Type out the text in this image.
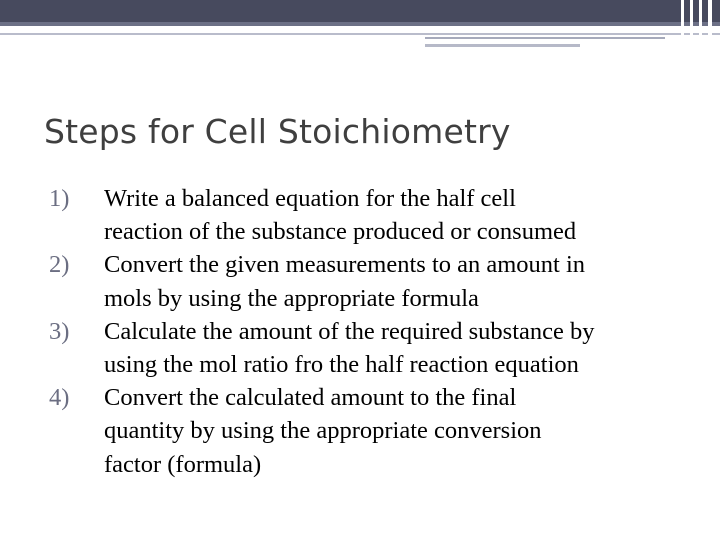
Steps for Cell Stoichiometry
1) Write a balanced equation for the half cell
reaction of the substance produced or consumed
2) Convert the given measurements to an amount in
mols by using the appropriate formula
3) Calculate the amount of the required substance by
using the mol ratio fro the half reaction equation
4) Convert the calculated amount to the final
quantity by using the appropriate conversion
factor (formula)
